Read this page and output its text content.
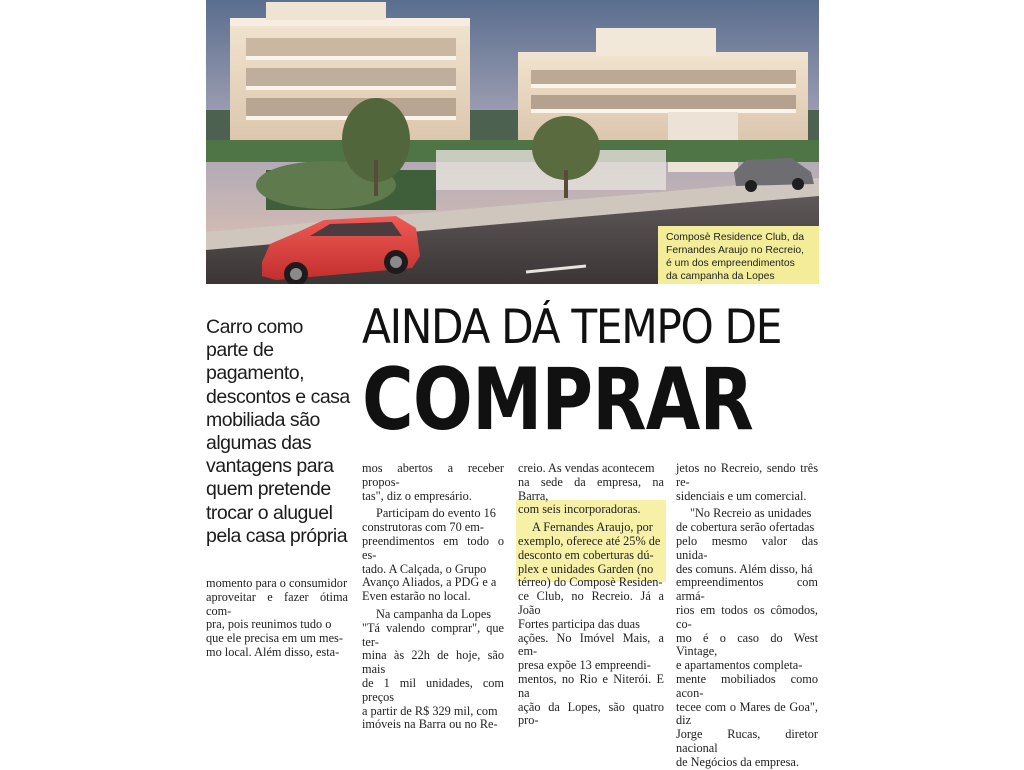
Composè Residence Club, da
Fernandes Araujo no Recreio,
é um dos empreendimentos
da campanha da Lopes
Carro como
parte de
pagamento,
descontos e casa
mobiliada são
algumas das
vantagens para
quem pretende
trocar o aluguel
pela casa própria
AINDA DÁ TEMPO DE
COMPRAR

momento para o consumidor

aproveitar e fazer ótima com-

pra, pois reunimos tudo o

que ele precisa em um mes-

mo local. Além disso, esta-

mos abertos a receber propos-

tas", diz o empresário.

Participam do evento 16

construtoras com 70 em-

preendimentos em todo o es-

tado. A Calçada, o Grupo

Avanço Aliados, a PDG e a

Even estarão no local.

Na campanha da Lopes

"Tá valendo comprar", que ter-

mina às 22h de hoje, são mais

de 1 mil unidades, com preços

a partir de R$ 329 mil, com

imóveis na Barra ou no Re-

creio. As vendas acontecem

na sede da empresa, na Barra,

com seis incorporadoras.

A Fernandes Araujo, por

exemplo, oferece até 25% de

desconto em coberturas dú-

plex e unidades Garden (no

térreo) do Composè Residen-

ce Club, no Recreio. Já a João

Fortes participa das duas

ações. No Imóvel Mais, a em-

presa expõe 13 empreendi-

mentos, no Rio e Niterói. E na

ação da Lopes, são quatro pro-

jetos no Recreio, sendo três re-

sidenciais e um comercial.

"No Recreio as unidades

de cobertura serão ofertadas

pelo mesmo valor das unida-

des comuns. Além disso, há

empreendimentos com armá-

rios em todos os cômodos, co-

mo é o caso do West Vintage,

e apartamentos completa-

mente mobiliados como acon-

tecee com o Mares de Goa", diz

Jorge Rucas, diretor nacional

de Negócios da empresa.
